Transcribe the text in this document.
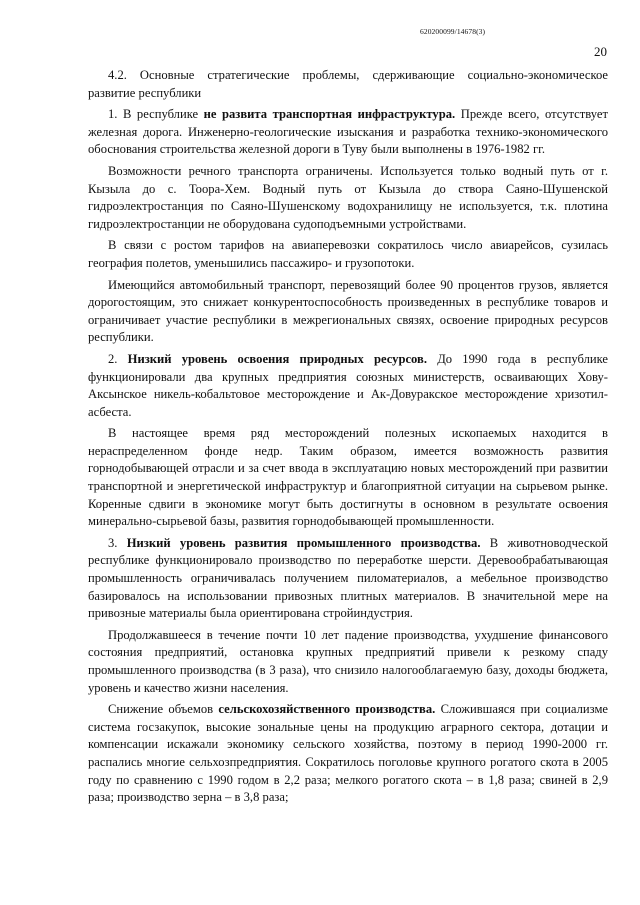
620200099/14678(3)
20

4.2. Основные стратегические проблемы, сдерживающие социально-экономическое развитие республики

1. В республике не развита транспортная инфраструктура. Прежде всего, отсутствует железная дорога. Инженерно-геологические изыскания и разработка технико-экономического обоснования строительства железной дороги в Туву были выполнены в 1976-1982 гг.

Возможности речного транспорта ограничены. Используется только водный путь от г. Кызыла до с. Тоора-Хем. Водный путь от Кызыла до створа Саяно-Шушенской гидроэлектростанция по Саяно-Шушенскому водохранилищу не используется, т.к. плотина гидроэлектростанции не оборудована судоподъемными устройствами.

В связи с ростом тарифов на авиаперевозки сократилось число авиарейсов, сузилась география полетов, уменьшились пассажиро- и грузопотоки.

Имеющийся автомобильный транспорт, перевозящий более 90 процентов грузов, является дорогостоящим, это снижает конкурентоспособность произведенных в республике товаров и ограничивает участие республики в межрегиональных связях, освоение природных ресурсов республики.

2. Низкий уровень освоения природных ресурсов. До 1990 года в республике функционировали два крупных предприятия союзных министерств, осваивающих Хову-Аксынское никель-кобальтовое месторождение и Ак-Довуракское месторождение хризотил-асбеста.

В настоящее время ряд месторождений полезных ископаемых находится в нераспределенном фонде недр. Таким образом, имеется возможность развития горнодобывающей отрасли и за счет ввода в эксплуатацию новых месторождений при развитии транспортной и энергетической инфраструктур и благоприятной ситуации на сырьевом рынке. Коренные сдвиги в экономике могут быть достигнуты в основном в результате освоения минерально-сырьевой базы, развития горнодобывающей промышленности.

3. Низкий уровень развития промышленного производства. В животноводческой республике функционировало производство по переработке шерсти. Деревообрабатывающая промышленность ограничивалась получением пиломатериалов, а мебельное производство базировалось на использовании привозных плитных материалов. В значительной мере на привозные материалы была ориентирована стройиндустрия.

Продолжавшееся в течение почти 10 лет падение производства, ухудшение финансового состояния предприятий, остановка крупных предприятий привели к резкому спаду промышленного производства (в 3 раза), что снизило налогооблагаемую базу, доходы бюджета, уровень и качество жизни населения.

Снижение объемов сельскохозяйственного производства. Сложившаяся при социализме система госзакупок, высокие зональные цены на продукцию аграрного сектора, дотации и компенсации искажали экономику сельского хозяйства, поэтому в период 1990-2000 гг. распались многие сельхозпредприятия. Сократилось поголовье крупного рогатого скота в 2005 году по сравнению с 1990 годом в 2,2 раза; мелкого рогатого скота – в 1,8 раза; свиней в 2,9 раза; производство зерна – в 3,8 раза;
